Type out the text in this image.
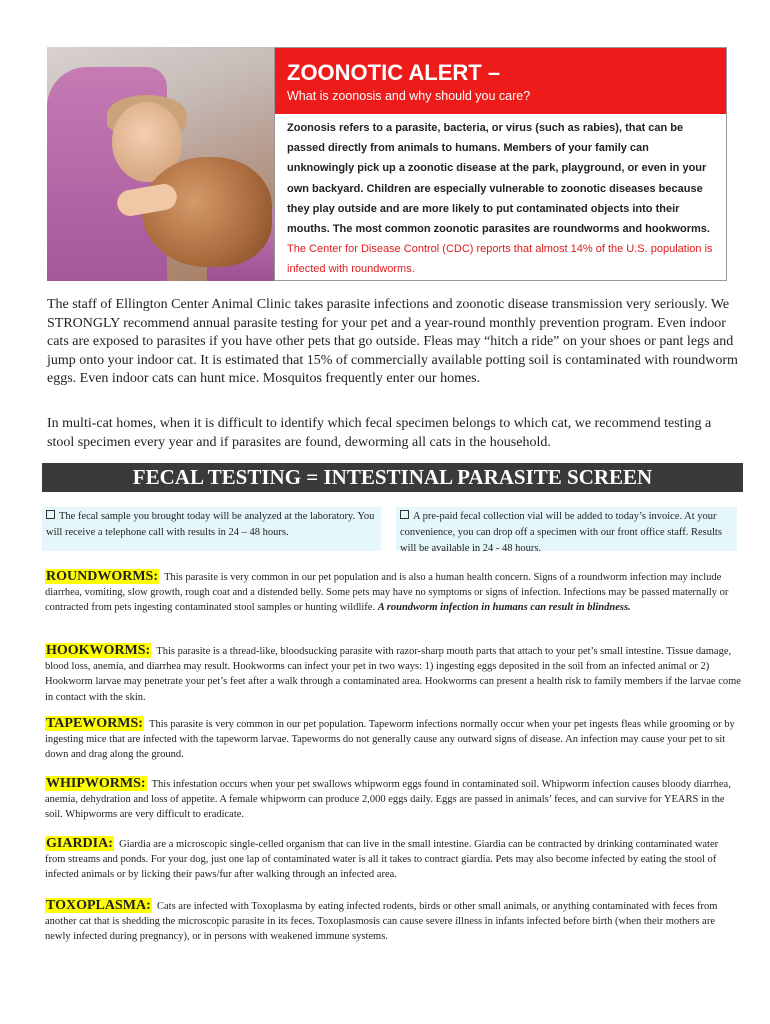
ZOONOTIC ALERT –
What is zoonosis and why should you care?
Zoonosis refers to a parasite, bacteria, or virus (such as rabies), that can be passed directly from animals to humans. Members of your family can unknowingly pick up a zoonotic disease at the park, playground, or even in your own backyard. Children are especially vulnerable to zoonotic diseases because they play outside and are more likely to put contaminated objects into their mouths. The most common zoonotic parasites are roundworms and hookworms. The Center for Disease Control (CDC) reports that almost 14% of the U.S. population is infected with roundworms.
The staff of Ellington Center Animal Clinic takes parasite infections and zoonotic disease transmission very seriously. We STRONGLY recommend annual parasite testing for your pet and a year-round monthly prevention program. Even indoor cats are exposed to parasites if you have other pets that go outside. Fleas may “hitch a ride” on your shoes or pant legs and jump onto your indoor cat. It is estimated that 15% of commercially available potting soil is contaminated with roundworm eggs. Even indoor cats can hunt mice. Mosquitos frequently enter our homes.
In multi-cat homes, when it is difficult to identify which fecal specimen belongs to which cat, we recommend testing a stool specimen every year and if parasites are found, deworming all cats in the household.
FECAL TESTING = INTESTINAL PARASITE SCREEN
The fecal sample you brought today will be analyzed at the laboratory. You will receive a telephone call with results in 24 – 48 hours.
A pre-paid fecal collection vial will be added to today’s invoice. At your convenience, you can drop off a specimen with our front office staff. Results will be available in 24 - 48 hours.
ROUNDWORMS: This parasite is very common in our pet population and is also a human health concern. Signs of a roundworm infection may include diarrhea, vomiting, slow growth, rough coat and a distended belly. Some pets may have no symptoms or signs of infection. Infections may be passed maternally or contracted from pets ingesting contaminated stool samples or hunting wildlife. A roundworm infection in humans can result in blindness.
HOOKWORMS: This parasite is a thread-like, bloodsucking parasite with razor-sharp mouth parts that attach to your pet’s small intestine. Tissue damage, blood loss, anemia, and diarrhea may result. Hookworms can infect your pet in two ways: 1) ingesting eggs deposited in the soil from an infected animal or 2) Hookworm larvae may penetrate your pet’s feet after a walk through a contaminated area. Hookworms can present a health risk to family members if the larvae come in contact with the skin.
TAPEWORMS: This parasite is very common in our pet population. Tapeworm infections normally occur when your pet ingests fleas while grooming or by ingesting mice that are infected with the tapeworm larvae. Tapeworms do not generally cause any outward signs of disease. An infection may cause your pet to sit down and drag along the ground.
WHIPWORMS: This infestation occurs when your pet swallows whipworm eggs found in contaminated soil. Whipworm infection causes bloody diarrhea, anemia, dehydration and loss of appetite. A female whipworm can produce 2,000 eggs daily. Eggs are passed in animals’ feces, and can survive for YEARS in the soil. Whipworms are very difficult to eradicate.
GIARDIA: Giardia are a microscopic single-celled organism that can live in the small intestine. Giardia can be contracted by drinking contaminated water from streams and ponds. For your dog, just one lap of contaminated water is all it takes to contract giardia. Pets may also become infected by eating the stool of infected animals or by licking their paws/fur after walking through an infected area.
TOXOPLASMA: Cats are infected with Toxoplasma by eating infected rodents, birds or other small animals, or anything contaminated with feces from another cat that is shedding the microscopic parasite in its feces. Toxoplasmosis can cause severe illness in infants infected before birth (when their mothers are newly infected during pregnancy), or in persons with weakened immune systems.
